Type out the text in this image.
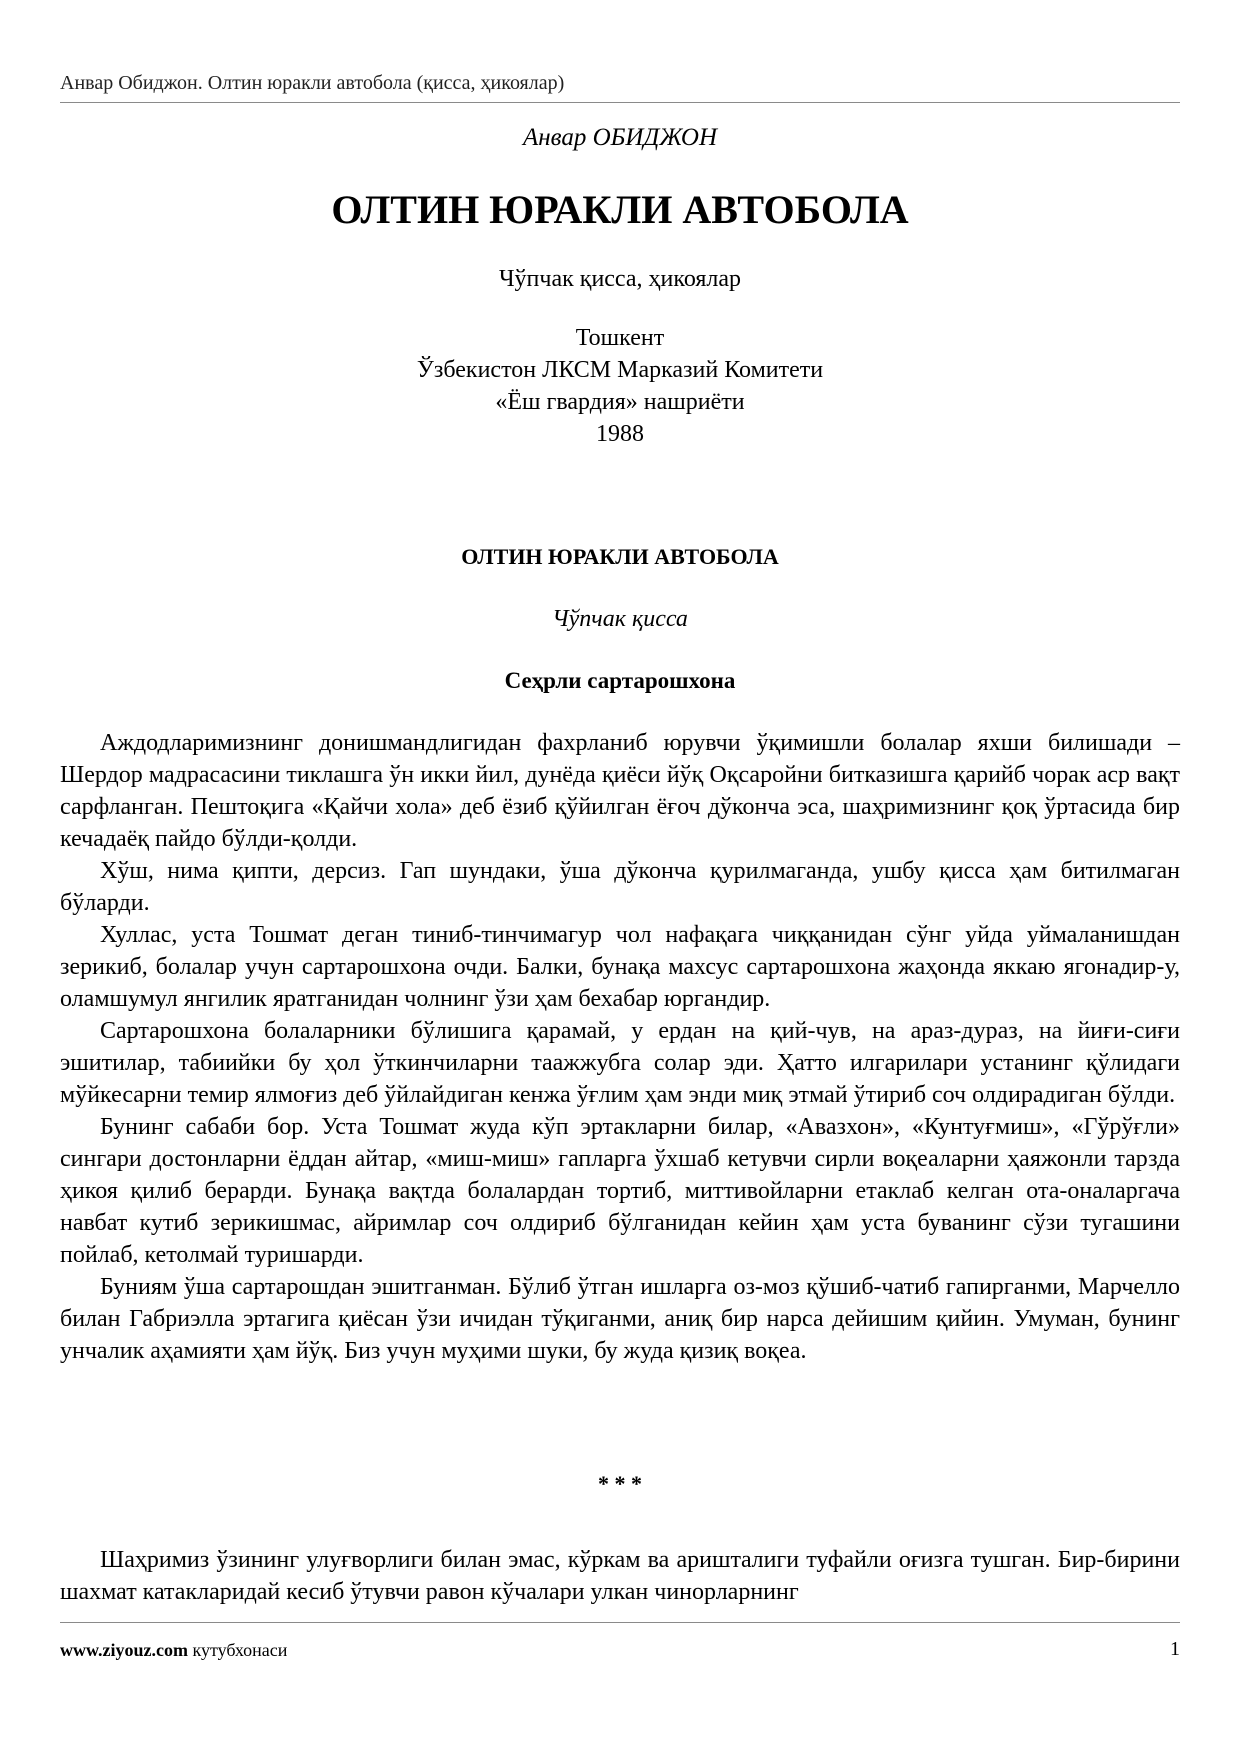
Анвар Обиджон. Олтин юракли автобола (қисса, ҳикоялар)
Анвар ОБИДЖОН
ОЛТИН ЮРАКЛИ АВТОБОЛА
Чўпчак қисса, ҳикоялар
Тошкент
Ўзбекистон ЛКСМ Марказий Комитети
«Ёш гвардия» нашриёти
1988
ОЛТИН ЮРАКЛИ АВТОБОЛА
Чўпчак қисса
Сеҳрли сартарошхона

Аждодларимизнинг донишмандлигидан фахрланиб юрувчи ўқимишли болалар яхши билишади – Шердор мадрасасини тиклашга ўн икки йил, дунёда қиёси йўқ Оқсаройни битказишга қарийб чорак аср вақт сарфланган. Пештоқига «Қайчи хола» деб ёзиб қўйилган ёғоч дўконча эса, шаҳримизнинг қоқ ўртасида бир кечадаёқ пайдо бўлди-қолди.

Хўш, нима қипти, дерсиз. Гап шундаки, ўша дўконча қурилмаганда, ушбу қисса ҳам битилмаган бўларди.

Хуллас, уста Тошмат деган тиниб-тинчимагур чол нафақага чиққанидан сўнг уйда уймаланишдан зерикиб, болалар учун сартарошхона очди. Балки, бунақа махсус сартарошхона жаҳонда яккаю ягонадир-у, оламшумул янгилик яратганидан чолнинг ўзи ҳам бехабар юргандир.

Сартарошхона болаларники бўлишига қарамай, у ердан на қий-чув, на араз-дураз, на йиғи-сиғи эшитилар, табиийки бу ҳол ўткинчиларни таажжубга солар эди. Ҳатто илгарилари устанинг қўлидаги мўйкесарни темир ялмоғиз деб ўйлайдиган кенжа ўғлим ҳам энди миқ этмай ўтириб соч олдирадиган бўлди.

Бунинг сабаби бор. Уста Тошмат жуда кўп эртакларни билар, «Авазхон», «Кунтуғмиш», «Гўрўғли» сингари достонларни ёддан айтар, «миш-миш» гапларга ўхшаб кетувчи сирли воқеаларни ҳаяжонли тарзда ҳикоя қилиб берарди. Бунақа вақтда болалардан тортиб, миттивойларни етаклаб келган ота-оналаргача навбат кутиб зерикишмас, айримлар соч олдириб бўлганидан кейин ҳам уста буванинг сўзи тугашини пойлаб, кетолмай туришарди.

Буниям ўша сартарошдан эшитганман. Бўлиб ўтган ишларга оз-моз қўшиб-чатиб гапирганми, Марчелло билан Габриэлла эртагига қиёсан ўзи ичидан тўқиганми, аниқ бир нарса дейишим қийин. Умуман, бунинг унчалик аҳамияти ҳам йўқ. Биз учун муҳими шуки, бу жуда қизиқ воқеа.

* * *

Шаҳримиз ўзининг улуғворлиги билан эмас, кўркам ва ариштaлиги туфайли оғизга тушган. Бир-бирини шахмат катакларидай кесиб ўтувчи равон кўчалари улкан чинорларнинг

www.ziyouz.com кутубхонаси	1
